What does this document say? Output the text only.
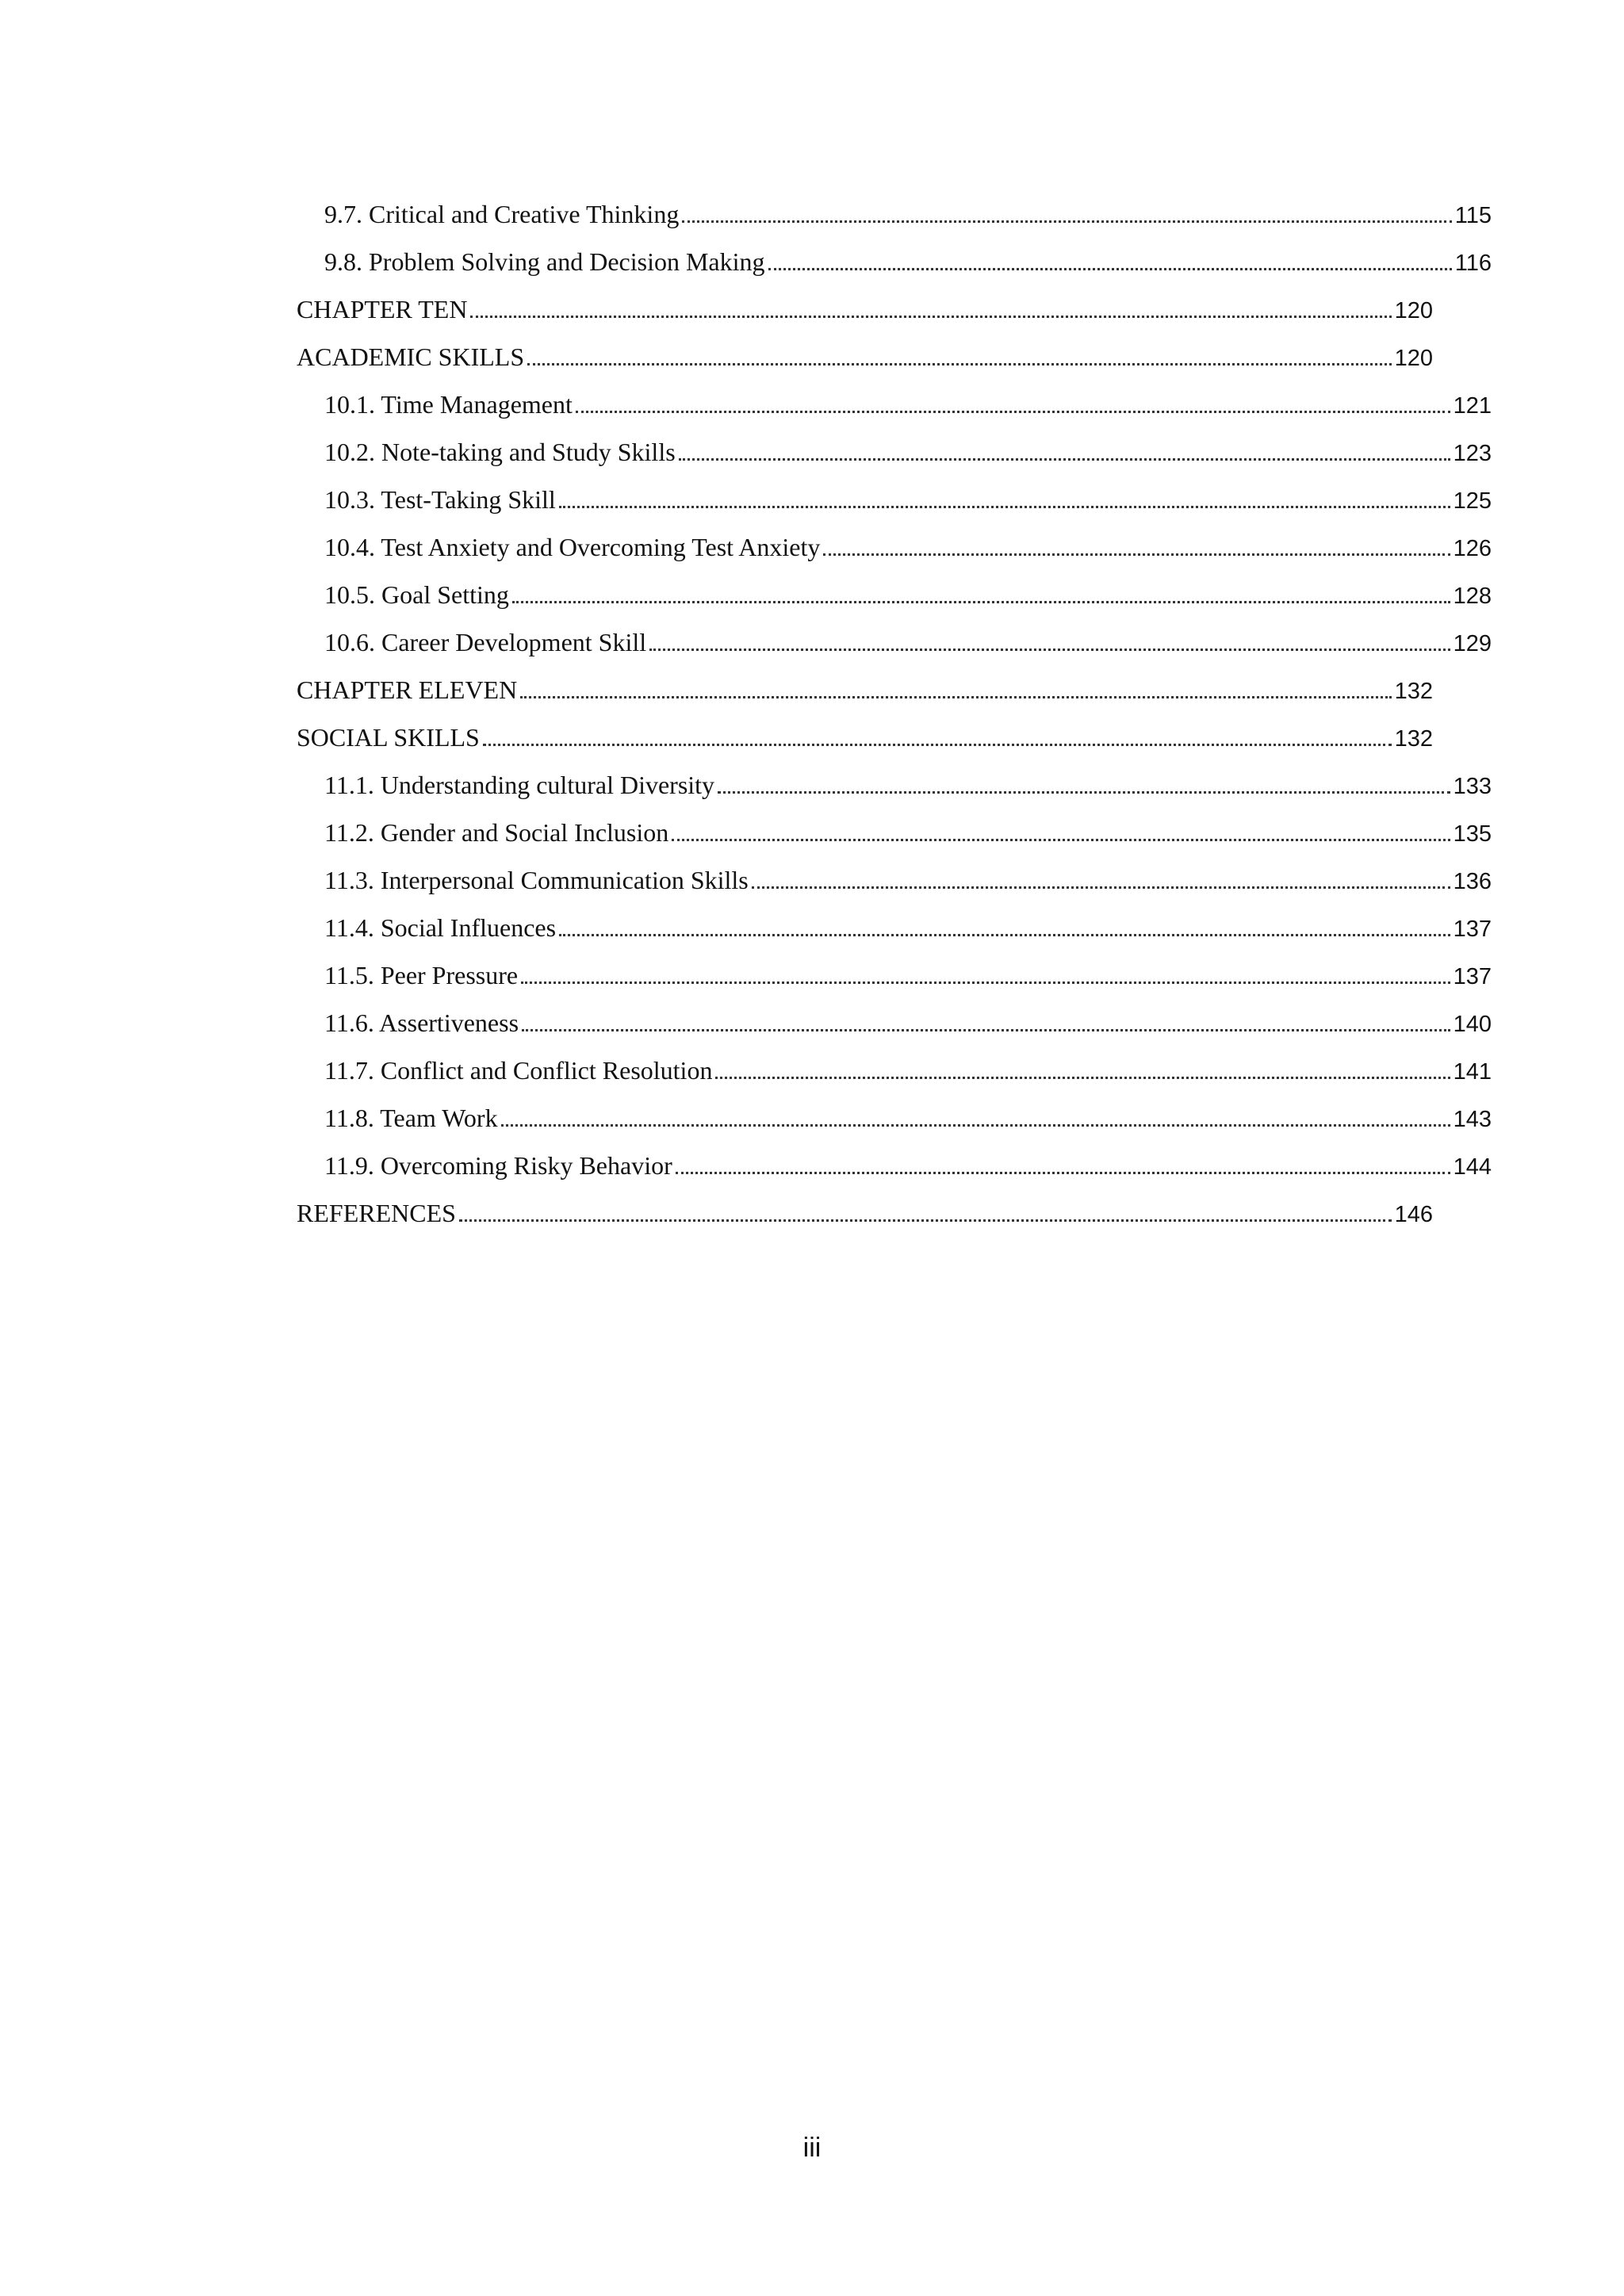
9.7. Critical and Creative Thinking	115
9.8. Problem Solving and Decision Making	116
CHAPTER TEN	120
ACADEMIC SKILLS	120
10.1. Time Management	121
10.2. Note-taking and Study Skills	123
10.3. Test-Taking Skill	125
10.4. Test Anxiety and Overcoming Test Anxiety	126
10.5. Goal Setting	128
10.6. Career Development Skill	129
CHAPTER ELEVEN	132
SOCIAL SKILLS	132
11.1. Understanding cultural Diversity	133
11.2. Gender and Social Inclusion	135
11.3. Interpersonal Communication Skills	136
11.4. Social Influences	137
11.5. Peer Pressure	137
11.6. Assertiveness	140
11.7. Conflict and Conflict Resolution	141
11.8. Team Work	143
11.9. Overcoming Risky Behavior	144
REFERENCES	146
iii
